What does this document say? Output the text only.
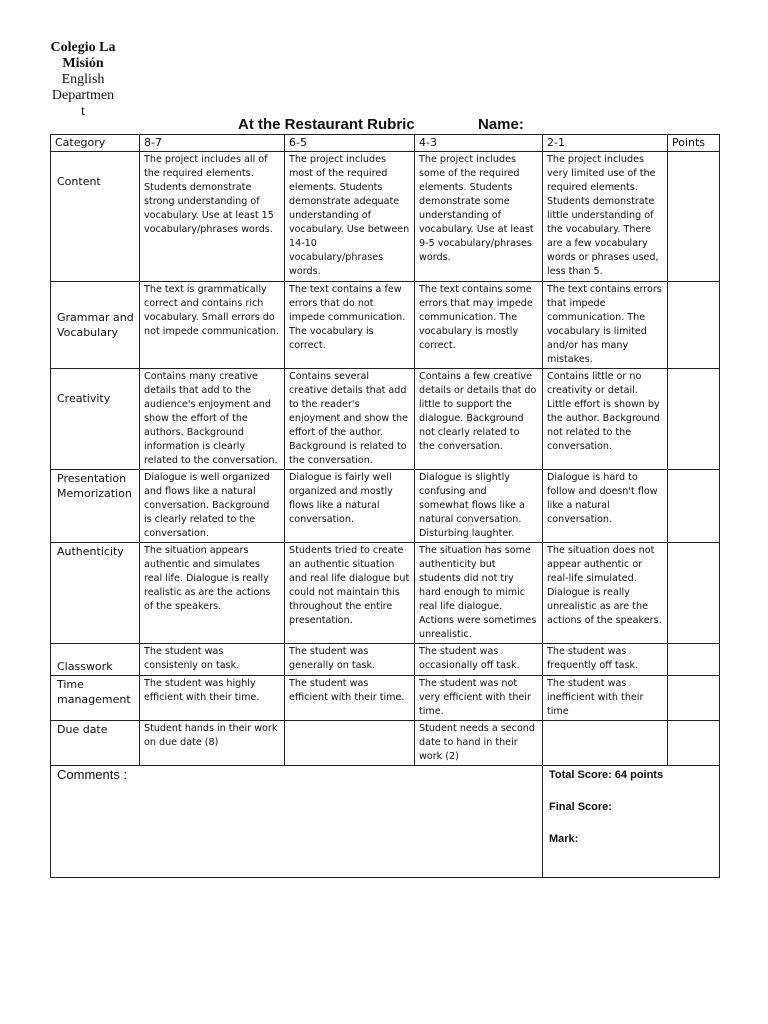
Colegio La
Misión
English
Departmen
t
At the Restaurant Rubric	Name:
Category	8-7	6-5	4-3	2-1	Points
Content	The project includes all of the required elements. Students demonstrate strong understanding of vocabulary. Use at least 15 vocabulary/phrases words.	The project includes most of the required elements. Students demonstrate adequate understanding of vocabulary. Use between 14-10 vocabulary/phrases words.	The project includes some of the required elements. Students demonstrate some understanding of vocabulary. Use at least 9-5 vocabulary/phrases words.	The project includes very limited use of the required elements. Students demonstrate little understanding of the vocabulary. There are a few vocabulary words or phrases used, less than 5.	
Grammar and Vocabulary	The text is grammatically correct and contains rich vocabulary. Small errors do not impede communication.	The text contains a few errors that do not impede communication. The vocabulary is correct.	The text contains some errors that may impede communication. The vocabulary is mostly correct.	The text contains errors that impede communication. The vocabulary is limited and/or has many mistakes.	
Creativity	Contains many creative details that add to the audience's enjoyment and show the effort of the authors. Background information is clearly related to the conversation.	Contains several creative details that add to the reader's enjoyment and show the effort of the author. Background is related to the conversation.	Contains a few creative details or details that do little to support the dialogue. Background not clearly related to the conversation.	Contains little or no creativity or detail. Little effort is shown by the author. Background not related to the conversation.	
Presentation Memorization	Dialogue is well organized and flows like a natural conversation. Background is clearly related to the conversation.	Dialogue is fairly well organized and mostly flows like a natural conversation.	Dialogue is slightly confusing and somewhat flows like a natural conversation. Disturbing laughter.	Dialogue is hard to follow and doesn't flow like a natural conversation.	
Authenticity	The situation appears authentic and simulates real life. Dialogue is really realistic as are the actions of the speakers.	Students tried to create an authentic situation and real life dialogue but could not maintain this throughout the entire presentation.	The situation has some authenticity but students did not try hard enough to mimic real life dialogue. Actions were sometimes unrealistic.	The situation does not appear authentic or real-life simulated. Dialogue is really unrealistic as are the actions of the speakers.	
Classwork	The student was consistenly on task.	The student was generally on task.	The student was occasionally off task.	The student was frequently off task.	
Time management	The student was highly efficient with their time.	The student was efficient with their time.	The student was not very efficient with their time.	The student was inefficient with their time	
Due date	Student hands in their work on due date (8)		Student needs a second date to hand in their work (2)		
Comments :				Total Score: 64 points
Final Score:
Mark:	
